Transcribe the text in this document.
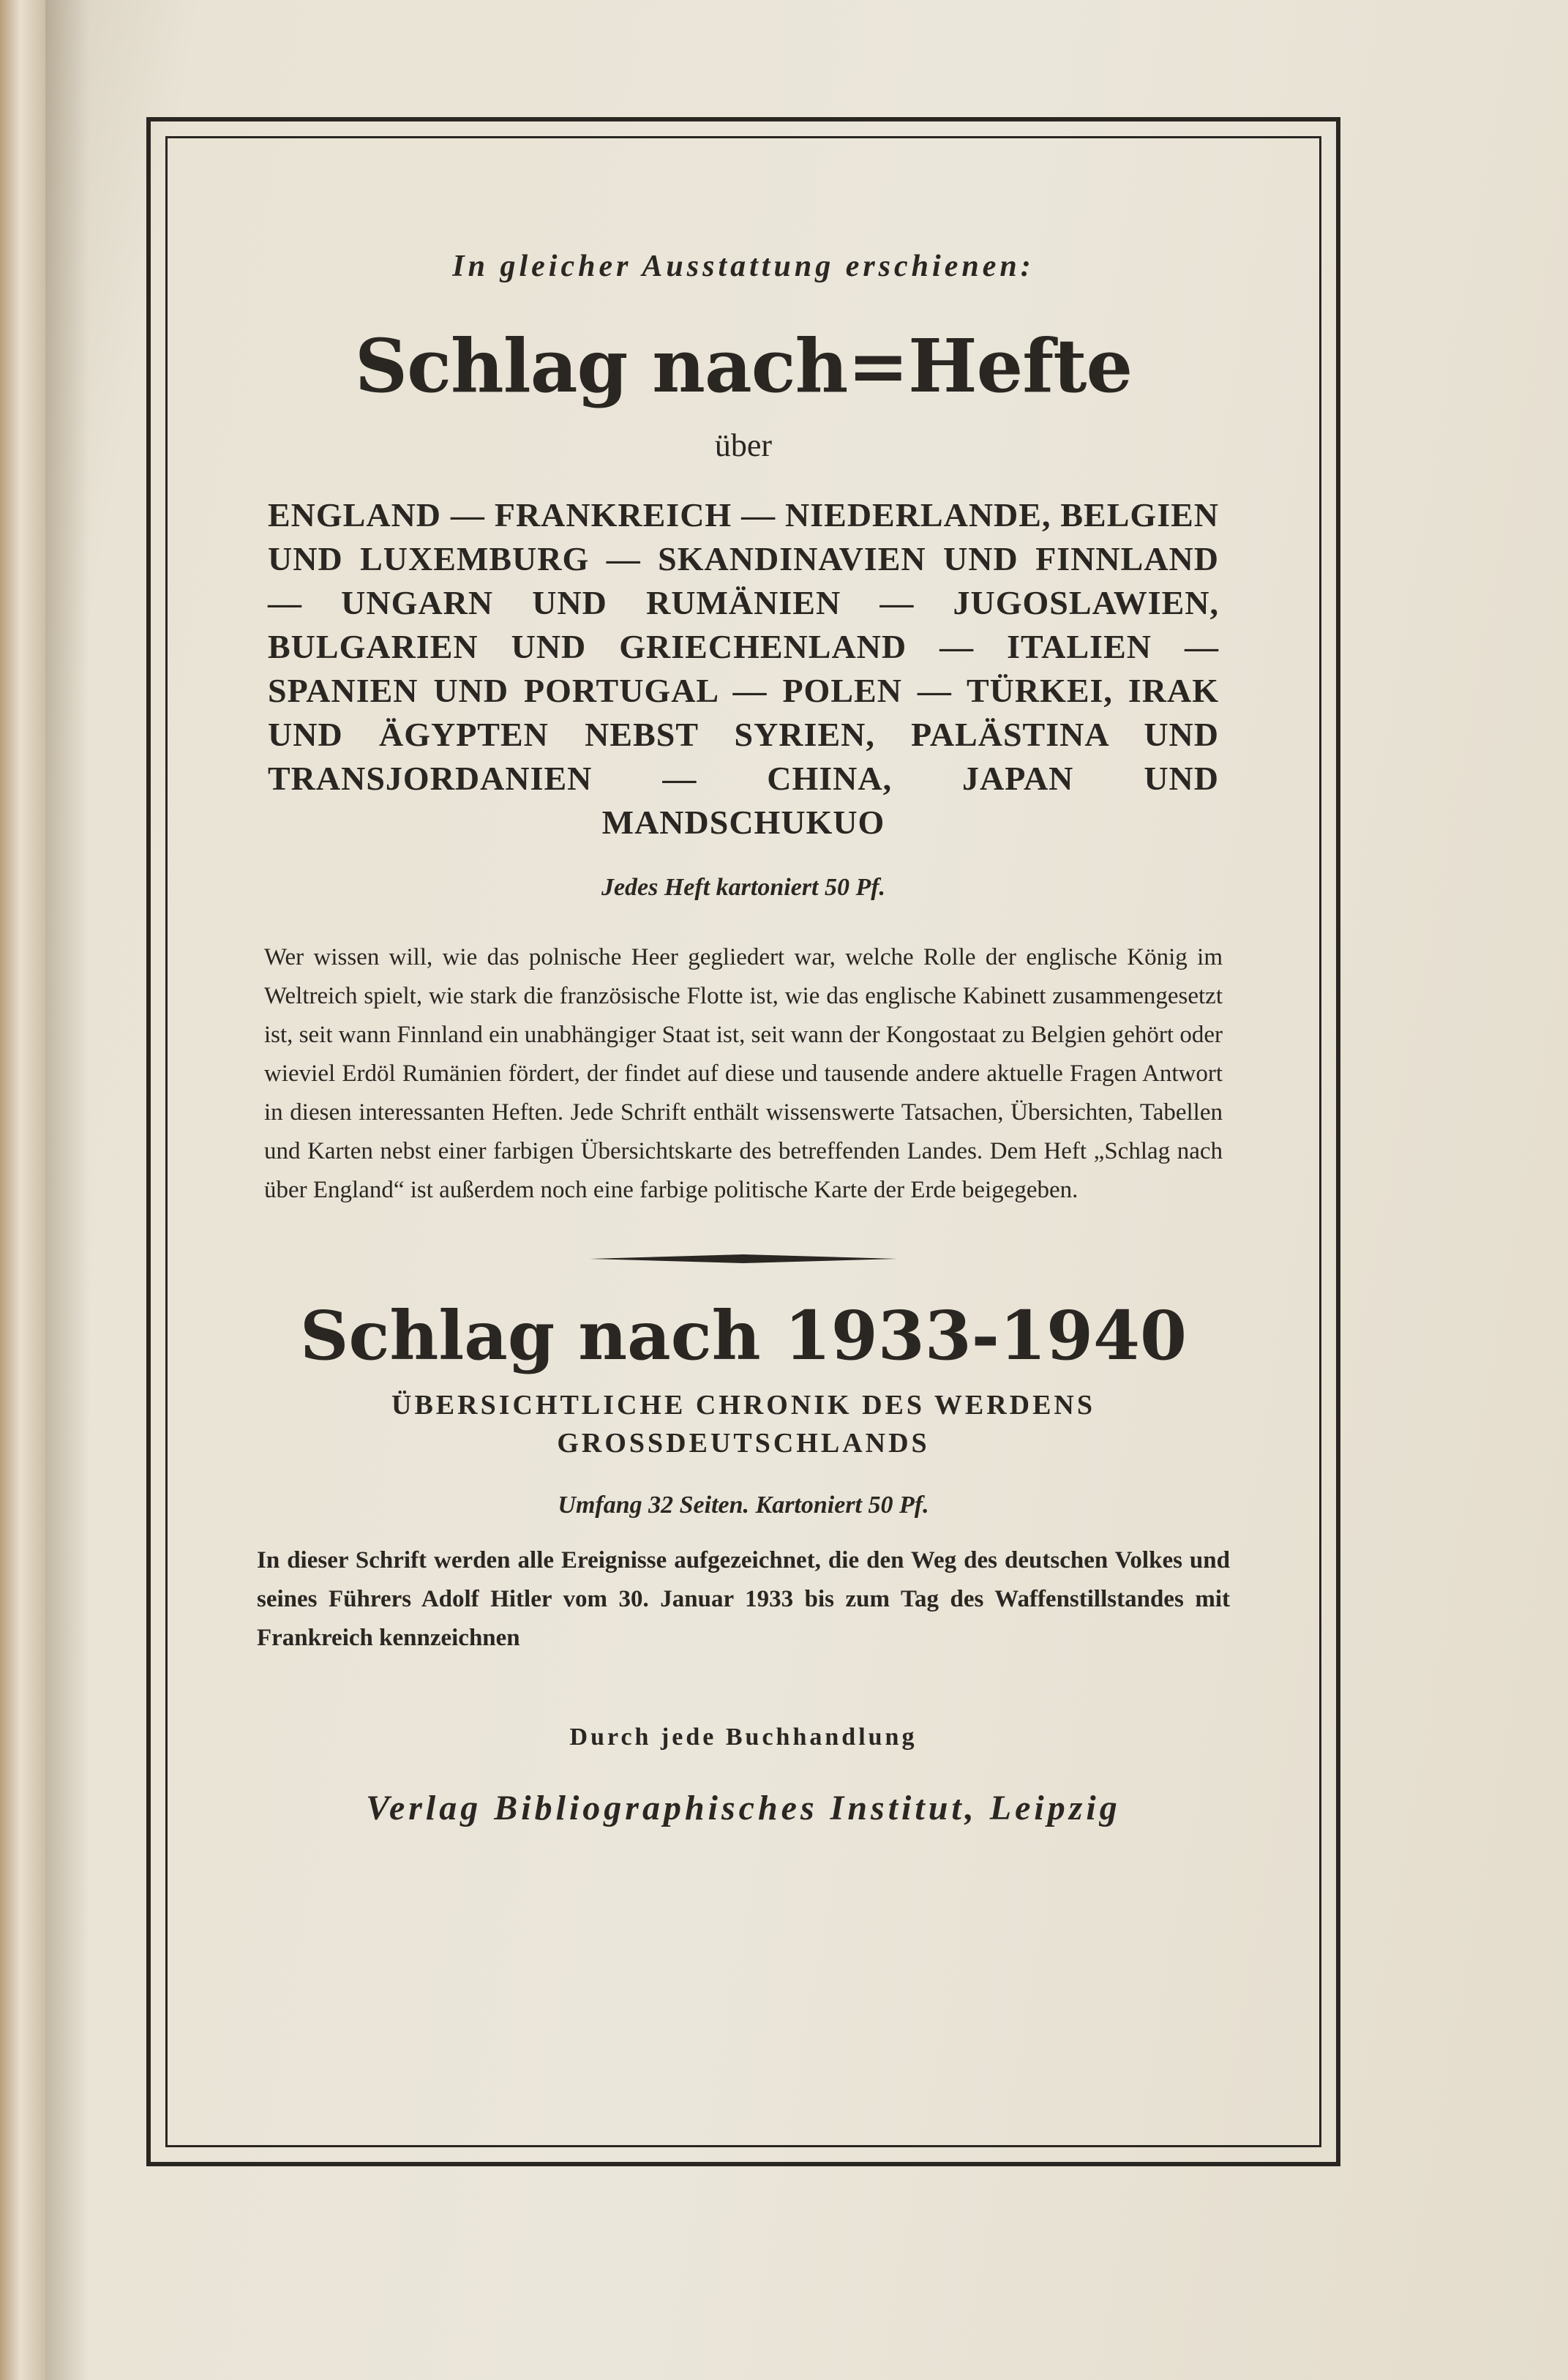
In gleicher Ausstattung erschienen:

Schlag nach=Hefte

über

ENGLAND — FRANKREICH — NIEDERLANDE, BELGIEN UND LUXEMBURG — SKANDINAVIEN UND FINNLAND — UNGARN UND RUMÄNIEN — JUGOSLAWIEN, BULGARIEN UND GRIECHENLAND — ITALIEN — SPANIEN UND PORTUGAL — POLEN — TÜRKEI, IRAK UND ÄGYPTEN NEBST SYRIEN, PALÄSTINA UND TRANSJORDANIEN — CHINA, JAPAN UND MANDSCHUKUO

Jedes Heft kartoniert 50 Pf.

Wer wissen will, wie das polnische Heer gegliedert war, welche Rolle der englische König im Weltreich spielt, wie stark die französische Flotte ist, wie das englische Kabinett zusammengesetzt ist, seit wann Finnland ein unabhängiger Staat ist, seit wann der Kongostaat zu Belgien gehört oder wieviel Erdöl Rumänien fördert, der findet auf diese und tausende andere aktuelle Fragen Antwort in diesen interessanten Heften. Jede Schrift enthält wissenswerte Tatsachen, Übersichten, Tabellen und Karten nebst einer farbigen Übersichtskarte des betreffenden Landes. Dem Heft „Schlag nach über England“ ist außerdem noch eine farbige politische Karte der Erde beigegeben.

Schlag nach 1933-1940

ÜBERSICHTLICHE CHRONIK DES WERDENS

GROSSDEUTSCHLANDS

Umfang 32 Seiten. Kartoniert 50 Pf.

In dieser Schrift werden alle Ereignisse aufgezeichnet, die den Weg des deutschen Volkes und seines Führers Adolf Hitler vom 30. Januar 1933 bis zum Tag des Waffenstillstandes mit Frankreich kennzeichnen

Durch jede Buchhandlung

Verlag Bibliographisches Institut, Leipzig
